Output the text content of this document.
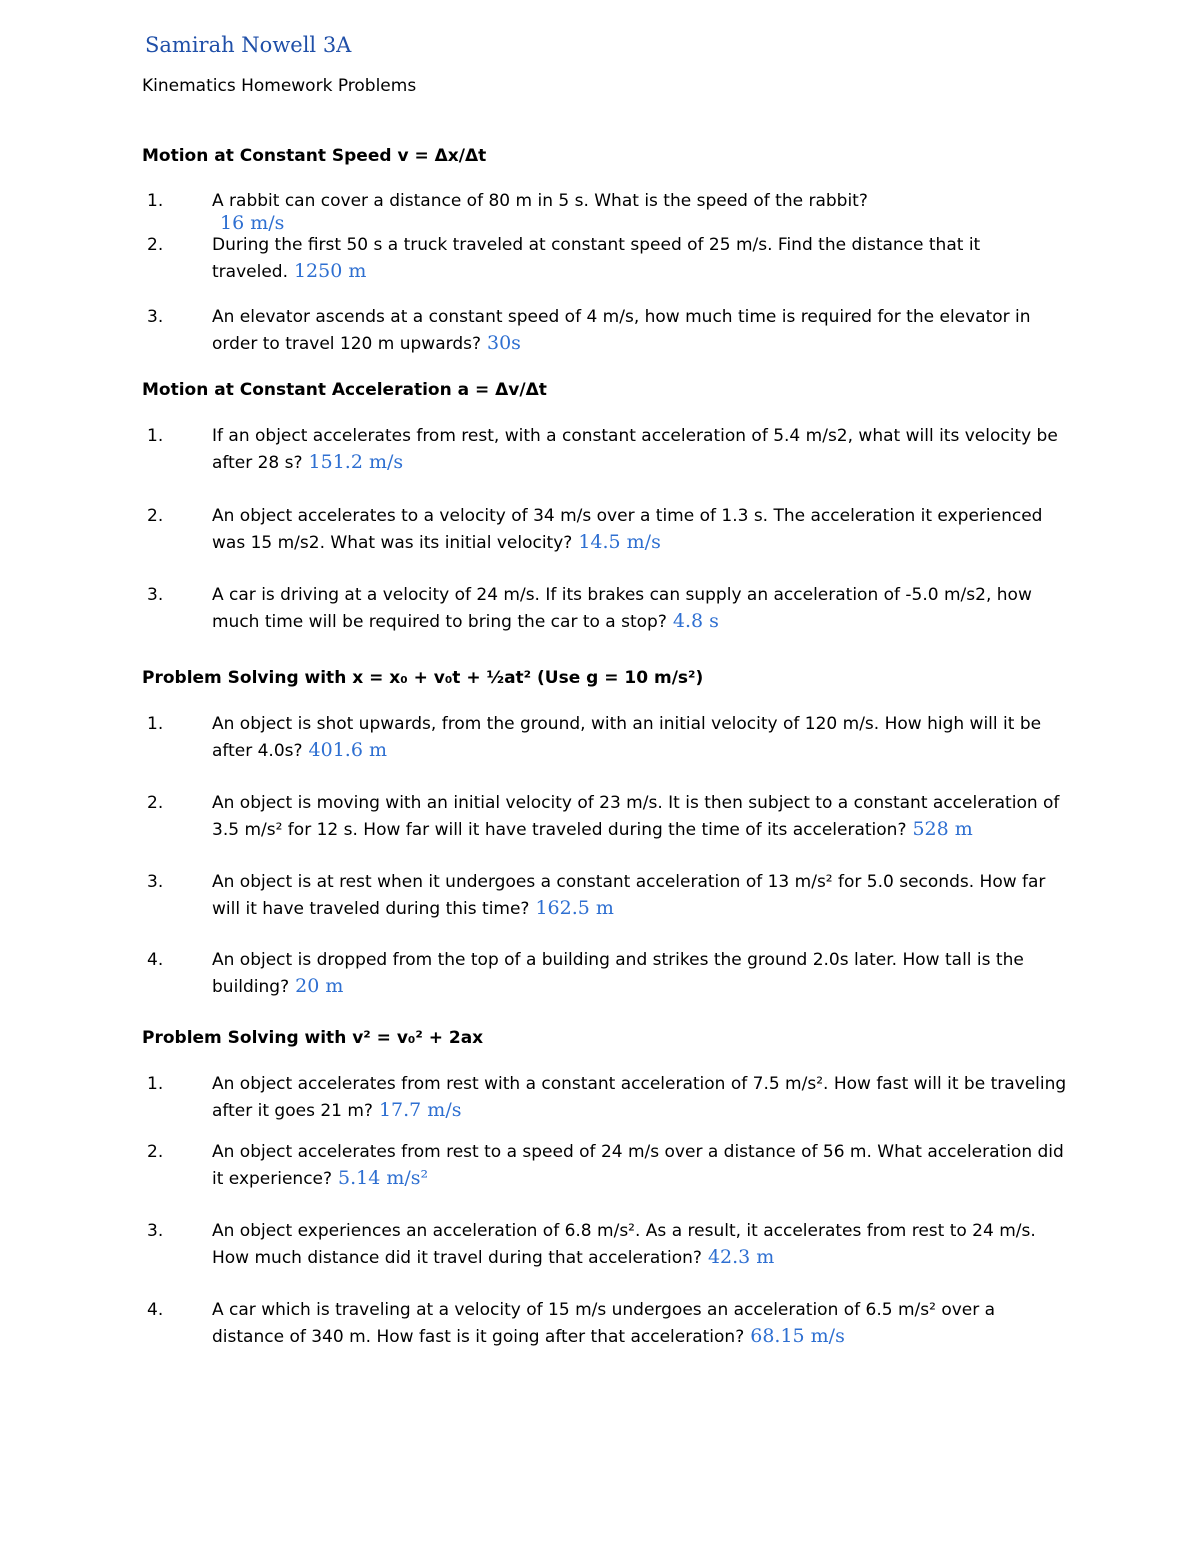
Samirah Nowell 3A
Kinematics Homework Problems
Motion at Constant Speed v = Δx/Δt
1.	A rabbit can cover a distance of 80 m in 5 s. What is the speed of the rabbit?
16 m/s
2.	During the first 50 s a truck traveled at constant speed of 25 m/s. Find the distance that it traveled. 1250 m
3.	An elevator ascends at a constant speed of 4 m/s, how much time is required for the elevator in order to travel 120 m upwards? 30s
Motion at Constant Acceleration a = Δv/Δt
1.	If an object accelerates from rest, with a constant acceleration of 5.4 m/s2, what will its velocity be after 28 s? 151.2 m/s
2.	An object accelerates to a velocity of 34 m/s over a time of 1.3 s. The acceleration it experienced was 15 m/s2. What was its initial velocity? 14.5 m/s
3.	A car is driving at a velocity of 24 m/s. If its brakes can supply an acceleration of -5.0 m/s2, how much time will be required to bring the car to a stop? 4.8 s
Problem Solving with x = x₀ + v₀t + ½at² (Use g = 10 m/s²)
1.	An object is shot upwards, from the ground, with an initial velocity of 120 m/s. How high will it be after 4.0s? 401.6 m
2.	An object is moving with an initial velocity of 23 m/s. It is then subject to a constant acceleration of 3.5 m/s² for 12 s. How far will it have traveled during the time of its acceleration? 528 m
3.	An object is at rest when it undergoes a constant acceleration of 13 m/s² for 5.0 seconds. How far will it have traveled during this time? 162.5 m
4.	An object is dropped from the top of a building and strikes the ground 2.0s later. How tall is the building? 20 m
Problem Solving with v² = v₀² + 2ax
1.	An object accelerates from rest with a constant acceleration of 7.5 m/s². How fast will it be traveling after it goes 21 m? 17.7 m/s
2.	An object accelerates from rest to a speed of 24 m/s over a distance of 56 m. What acceleration did it experience? 5.14 m/s²
3.	An object experiences an acceleration of 6.8 m/s². As a result, it accelerates from rest to 24 m/s. How much distance did it travel during that acceleration? 42.3 m
4.	A car which is traveling at a velocity of 15 m/s undergoes an acceleration of 6.5 m/s² over a distance of 340 m. How fast is it going after that acceleration? 68.15 m/s
